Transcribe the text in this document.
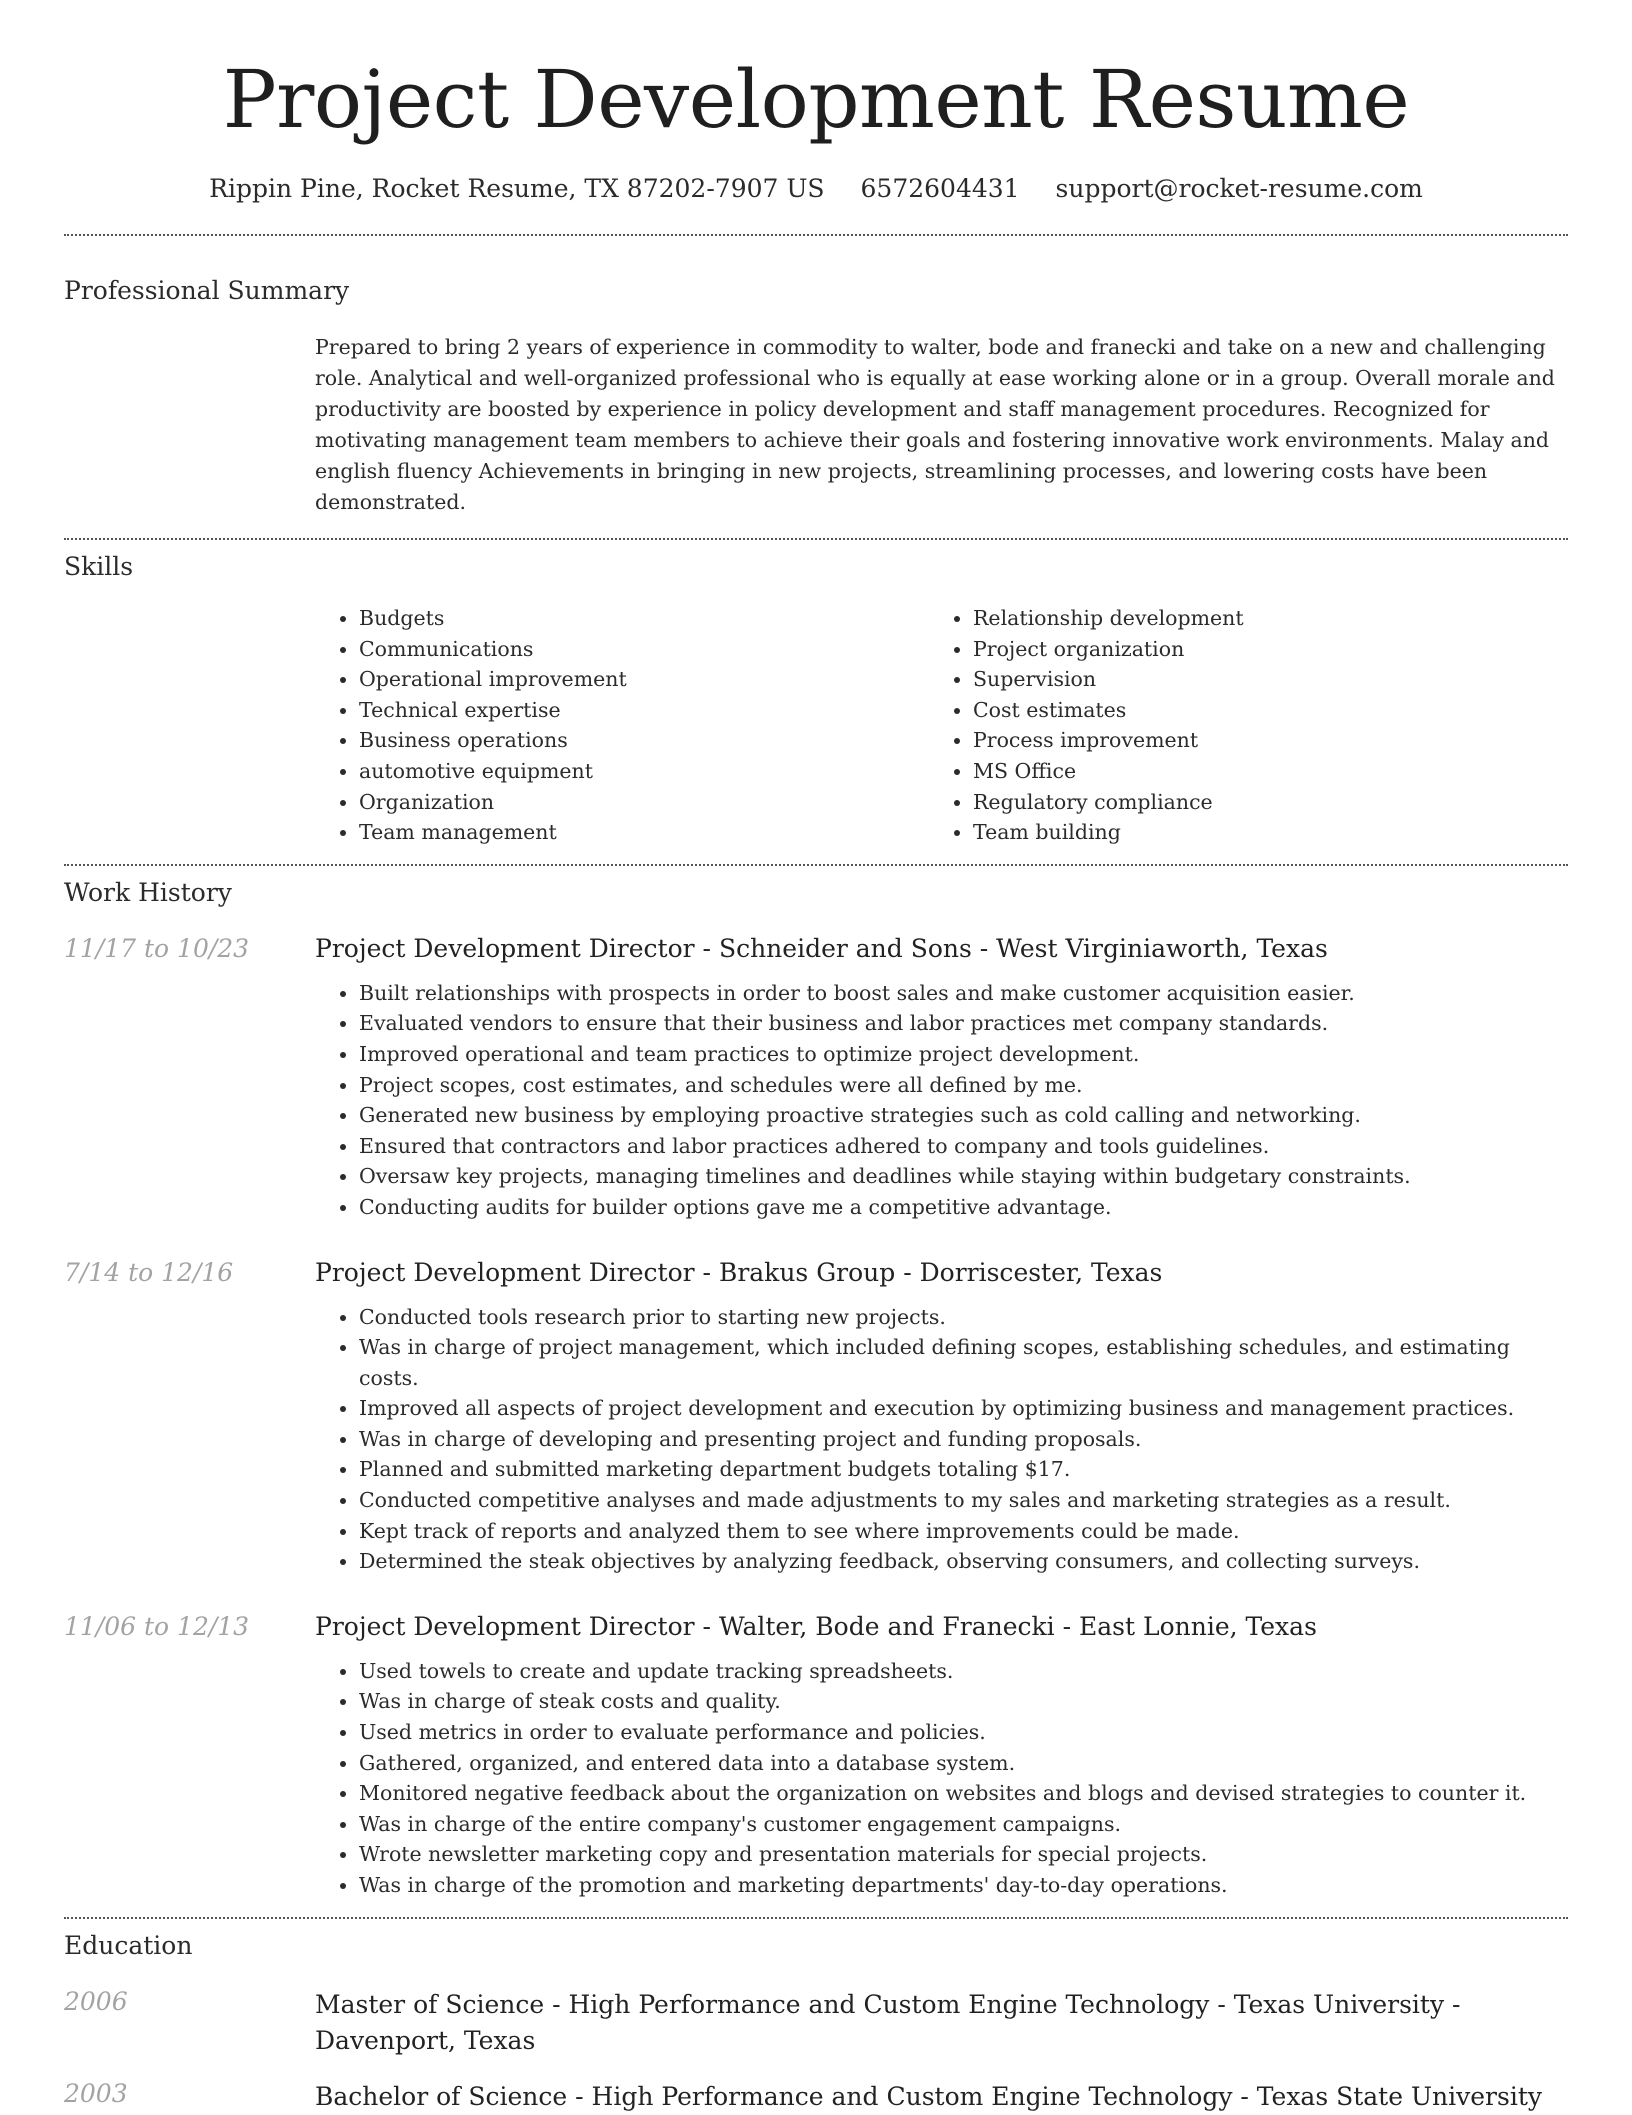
Project Development Resume
Rippin Pine, Rocket Resume, TX 87202-7907 US 6572604431 support@rocket-resume.com
Professional Summary

Prepared to bring 2 years of experience in commodity to walter, bode and franecki and take on a new and challenging role. Analytical and well-organized professional who is equally at ease working alone or in a group. Overall morale and productivity are boosted by experience in policy development and staff management procedures. Recognized for motivating management team members to achieve their goals and fostering innovative work environments. Malay and english fluency Achievements in bringing in new projects, streamlining processes, and lowering costs have been demonstrated.

Skills
• Budgets
• Communications
• Operational improvement
• Technical expertise
• Business operations
• automotive equipment
• Organization
• Team management
• Relationship development
• Project organization
• Supervision
• Cost estimates
• Process improvement
• MS Office
• Regulatory compliance
• Team building
Work History
11/17 to 10/23	Project Development Director - Schneider and Sons - West Virginiaworth, Texas
• Built relationships with prospects in order to boost sales and make customer acquisition easier.
• Evaluated vendors to ensure that their business and labor practices met company standards.
• Improved operational and team practices to optimize project development.
• Project scopes, cost estimates, and schedules were all defined by me.
• Generated new business by employing proactive strategies such as cold calling and networking.
• Ensured that contractors and labor practices adhered to company and tools guidelines.
• Oversaw key projects, managing timelines and deadlines while staying within budgetary constraints.
• Conducting audits for builder options gave me a competitive advantage.
7/14 to 12/16	Project Development Director - Brakus Group - Dorriscester, Texas
• Conducted tools research prior to starting new projects.
• Was in charge of project management, which included defining scopes, establishing schedules, and estimating costs.
• Improved all aspects of project development and execution by optimizing business and management practices.
• Was in charge of developing and presenting project and funding proposals.
• Planned and submitted marketing department budgets totaling $17.
• Conducted competitive analyses and made adjustments to my sales and marketing strategies as a result.
• Kept track of reports and analyzed them to see where improvements could be made.
• Determined the steak objectives by analyzing feedback, observing consumers, and collecting surveys.
11/06 to 12/13	Project Development Director - Walter, Bode and Franecki - East Lonnie, Texas
• Used towels to create and update tracking spreadsheets.
• Was in charge of steak costs and quality.
• Used metrics in order to evaluate performance and policies.
• Gathered, organized, and entered data into a database system.
• Monitored negative feedback about the organization on websites and blogs and devised strategies to counter it.
• Was in charge of the entire company's customer engagement campaigns.
• Wrote newsletter marketing copy and presentation materials for special projects.
• Was in charge of the promotion and marketing departments' day-to-day operations.
Education
2006	Master of Science - High Performance and Custom Engine Technology - Texas University - Davenport, Texas
2003	Bachelor of Science - High Performance and Custom Engine Technology - Texas State University
